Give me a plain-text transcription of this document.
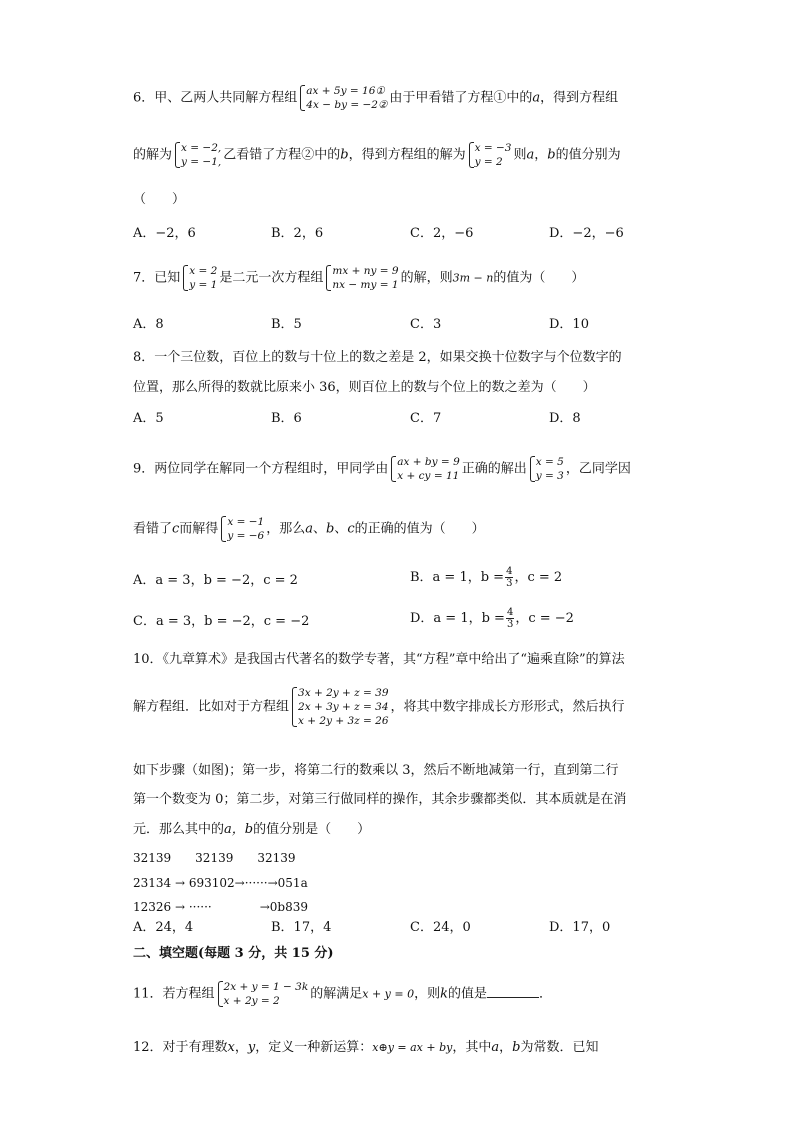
6．甲、乙两人共同解方程组 ax + 5y = 16①
4x − by = −2② 由于甲看错了方程①中的a，得到方程组
的解为 x = −2,
y = −1, 乙看错了方程②中的b，得到方程组的解为 x = −3
y = 2 则a，b的值分别为
（　　）
A．−2，6	B．2，6	C．2，−6	D．−2，−6
7．已知 x = 2
y = 1 是二元一次方程组 mx + ny = 9
nx − my = 1 的解，则3m − n的值为（　　）
A．8	B．5	C．3	D．10
8．一个三位数，百位上的数与十位上的数之差是 2，如果交换十位数字与个位数字的
位置，那么所得的数就比原来小 36，则百位上的数与个位上的数之差为（　　）
A．5	B．6	C．7	D．8
9．两位同学在解同一个方程组时，甲同学由 ax + by = 9
x + cy = 11 正确的解出 x = 5
y = 3 ，乙同学因
看错了c而解得 x = −1
y = −6 ，那么a、b、c的正确的值为（　　）
A．a = 3，b = −2，c = 2	B．a = 1，$b = \frac{4}{3}$ ，c = 2
C．a = 3，b = −2，c = −2	D．a = 1，$b = \frac{4}{3}$ ，c = −2
10．《九章算术》是我国古代著名的数学专著，其“方程”章中给出了“遍乘直除”的算法
解方程组．比如对于方程组
3x + 2y + z = 39
2x + 3y + z = 34
x + 2y + 3z = 26
，将其中数字排成长方形形式，然后执行
如下步骤（如图)；第一步，将第二行的数乘以 3，然后不断地减第一行，直到第二行
第一个数变为 0；第二步，对第三行做同样的操作，其余步骤都类似．其本质就是在消
元．那么其中的a，b的值分别是（　　）
32139　　32139　　32139
23134 → 693102→······→051a
12326 → ······　　　　→0b839
A．24，4	B．17，4	C．24，0	D．17，0
二、填空题(每题 3 分，共 15 分)
11．若方程组 2x + y = 1 − 3k
x + 2y = 2	的解满足x + y = 0，则k的值是	．
12．对于有理数x，y，定义一种新运算：x⊕y = ax + by，其中a，b为常数．已知
